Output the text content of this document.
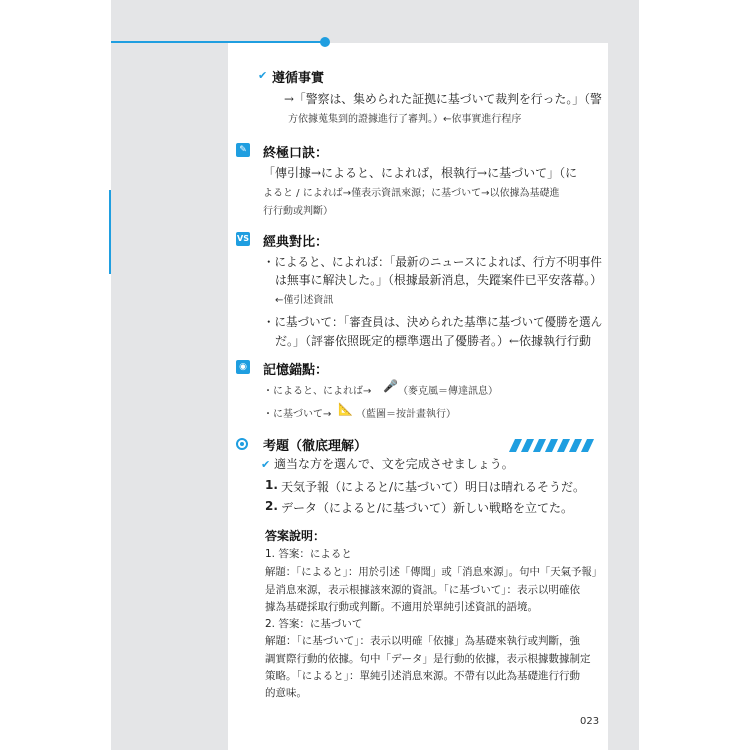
✔ 遵循事實
→「警察は、集められた証拠に基づいて裁判を行った。」（警
方依據蒐集到的證據進行了審判。）←依事實進行程序
✎ 終極口訣：
「傳引據→によると、によれば，根執行→に基づいて」（に
よると / によれば→僅表示資訊來源；に基づいて→以依據為基礎進
行行動或判斷）
VS 經典對比：
・によると、によれば：「最新のニュースによれば、行方不明事件
は無事に解決した。」（根據最新消息，失蹤案件已平安落幕。）
←僅引述資訊
・に基づいて：「審査員は、決められた基準に基づいて優勝を選ん
だ。」（評審依照既定的標準選出了優勝者。）←依據執行行動
◉ 記憶錨點：
・によると、によれば→ 🎤 （麥克風＝傳達訊息）
・に基づいて→ 📐 （藍圖＝按計畫執行）
考題（徹底理解）
✔ 適当な方を選んで、文を完成させましょう。
1. 天気予報（によると/に基づいて）明日は晴れるそうだ。
2. データ（によると/に基づいて）新しい戦略を立てた。
答案說明：
1. 答案：によると
解題：「によると」：用於引述「傳聞」或「消息來源」。句中「天氣予報」
是消息來源，表示根據該來源的資訊。「に基づいて」：表示以明確依
據為基礎採取行動或判斷。不適用於單純引述資訊的語境。
2. 答案：に基づいて
解題：「に基づいて」：表示以明確「依據」為基礎來執行或判斷，強
調實際行動的依據。句中「データ」是行動的依據，表示根據數據制定
策略。「によると」：單純引述消息來源。不帶有以此為基礎進行行動
的意味。
023
